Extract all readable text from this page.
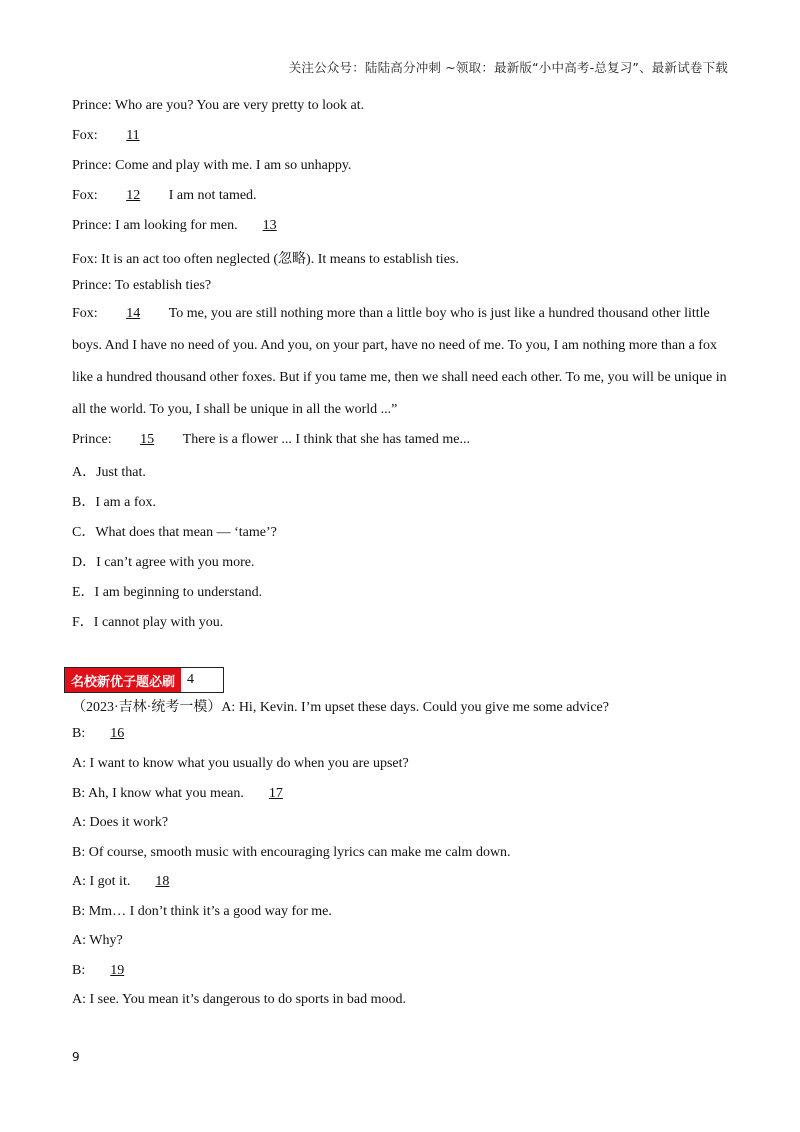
关注公众号：陆陆高分冲刺 ~领取：最新版“小中高考-总复习”、最新试卷下载
Prince: Who are you? You are very pretty to look at.
Fox: 11
Prince: Come and play with me. I am so unhappy.
Fox: 12 I am not tamed.
Prince: I am looking for men. 13
Fox: It is an act too often neglected (忽略). It means to establish ties.
Prince: To establish ties?
Fox: 14 To me, you are still nothing more than a little boy who is just like a hundred thousand other little boys. And I have no need of you. And you, on your part, have no need of me. To you, I am nothing more than a fox like a hundred thousand other foxes. But if you tame me, then we shall need each other. To me, you will be unique in all the world. To you, I shall be unique in all the world ...”
Prince: 15 There is a flower ... I think that she has tamed me...
A．Just that.
B．I am a fox.
C．What does that mean — ‘tame’?
D．I can’t agree with you more.
E．I am beginning to understand.
F．I cannot play with you.
名校新优子题必刷 4
（2023·吉林·统考一模）A: Hi, Kevin. I’m upset these days. Could you give me some advice?
B: 16
A: I want to know what you usually do when you are upset?
B: Ah, I know what you mean. 17
A: Does it work?
B: Of course, smooth music with encouraging lyrics can make me calm down.
A: I got it. 18
B: Mm… I don’t think it’s a good way for me.
A: Why?
B: 19
A: I see. You mean it’s dangerous to do sports in bad mood.
9
